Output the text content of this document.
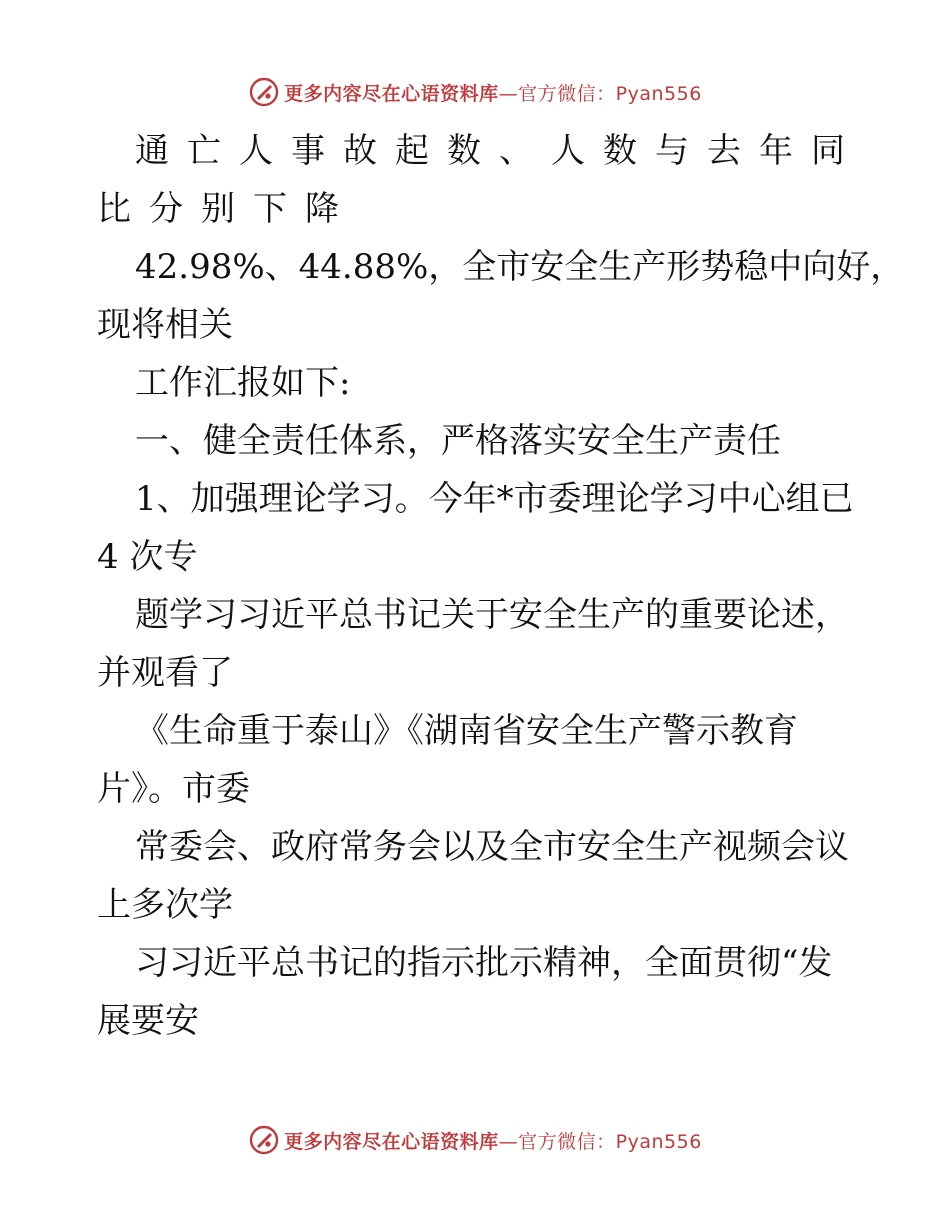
更多内容尽在心语资料库 —官方微信：Pyan556
通亡人事故起数、人数与去年同
比分别下降
42.98%、44.88%，全市安全生产形势稳中向好，
现将相关
工作汇报如下:
一、健全责任体系，严格落实安全生产责任
1、加强理论学习。今年*市委理论学习中心组已
4 次专
题学习习近平总书记关于安全生产的重要论述，
并观看了
《生命重于泰山》《湖南省安全生产警示教育
片》。市委
常委会、政府常务会以及全市安全生产视频会议
上多次学
习习近平总书记的指示批示精神，全面贯彻“发
展要安
更多内容尽在心语资料库 —官方微信：Pyan556
